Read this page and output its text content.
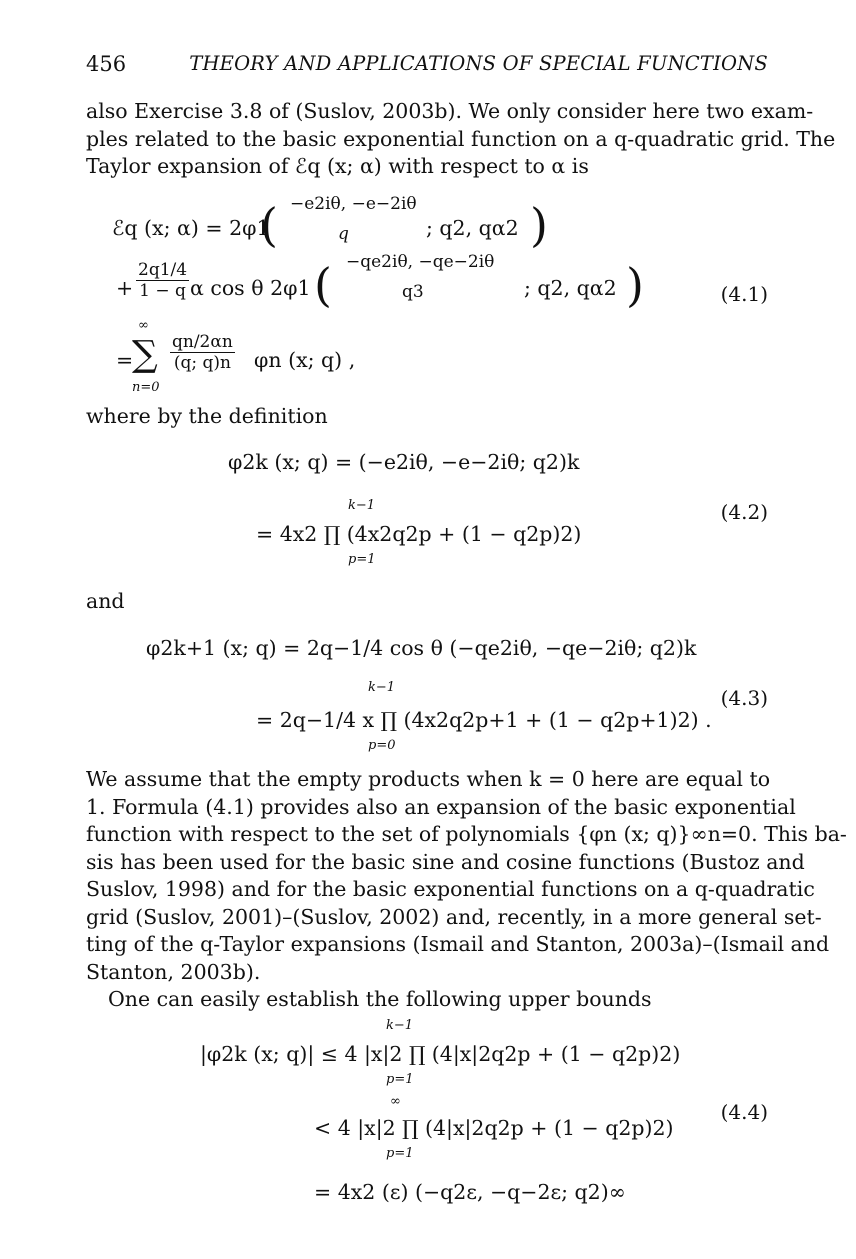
456	THEORY AND APPLICATIONS OF SPECIAL FUNCTIONS
also Exercise 3.8 of (Suslov, 2003b). We only consider here two exam-
ples related to the basic exponential function on a q-quadratic grid. The
Taylor expansion of ℰq (x; α) with respect to α is
ℰq (x; α) = 2φ1
( −e2iθ, −e−2iθ
q	; q2, qα2 )
+ $\frac{2q1/4}{1 - q}$ α cos θ 2φ1 ( −qe2iθ, −qe−2iθ
q3	; q2, qα2 )
=
∞
∑
n=0
$\frac{qn/2\alpha n}{(q; q)n}$ φn (x; q) ,
(4.1)
where by the definition
φ2k (x; q) = (−e2iθ, −e−2iθ; q2)k
k−1
= 4x2 ∏ (4x2q2p + (1 − q2p)2)
p=1
(4.2)
and
φ2k+1 (x; q) = 2q−1/4 cos θ (−qe2iθ, −qe−2iθ; q2)k
k−1
= 2q−1/4 x ∏ (4x2q2p+1 + (1 − q2p+1)2) .
p=0
(4.3)
We assume that the empty products when k = 0 here are equal to
1. Formula (4.1) provides also an expansion of the basic exponential
function with respect to the set of polynomials {φn (x; q)}∞n=0. This ba-
sis has been used for the basic sine and cosine functions (Bustoz and
Suslov, 1998) and for the basic exponential functions on a q-quadratic
grid (Suslov, 2001)–(Suslov, 2002) and, recently, in a more general set-
ting of the q-Taylor expansions (Ismail and Stanton, 2003a)–(Ismail and
Stanton, 2003b).
One can easily establish the following upper bounds
k−1
|φ2k (x; q)| ≤ 4 |x|2 ∏ (4|x|2q2p + (1 − q2p)2)
p=1
∞
< 4 |x|2 ∏ (4|x|2q2p + (1 − q2p)2)
p=1
= 4x2 (ε) (−q2ε, −q−2ε; q2)∞
(4.4)
